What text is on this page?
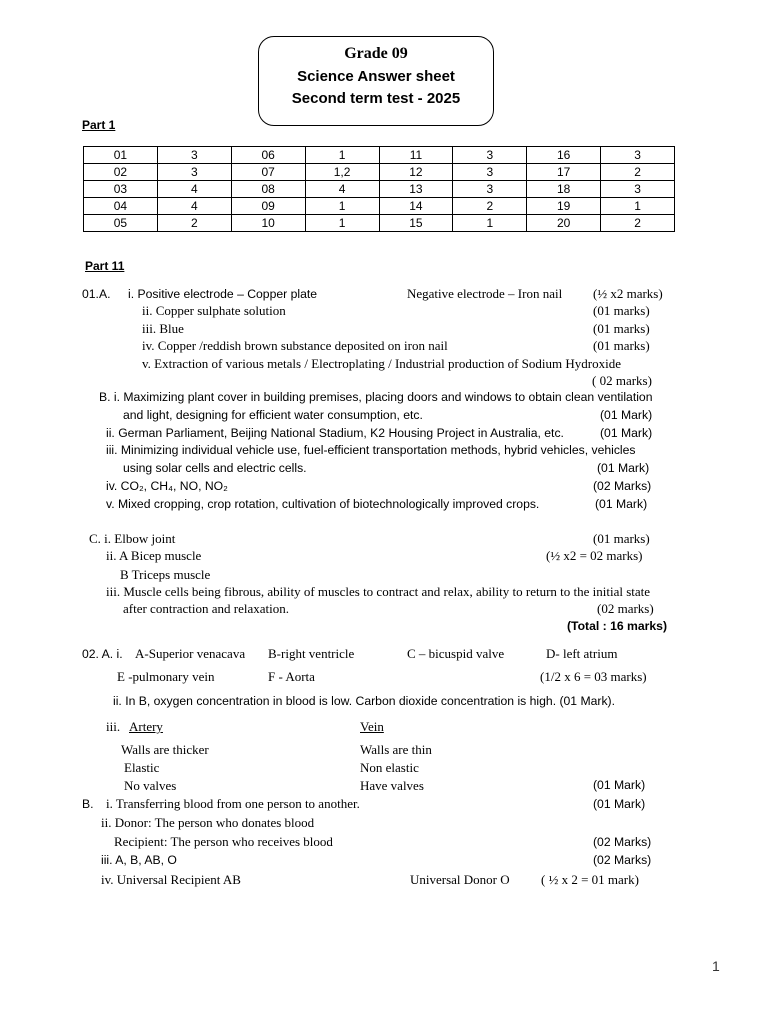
Grade 09
Science Answer sheet
Second term test - 2025
Part 1
01	3	06	1	11	3	16	3
02	3	07	1,2	12	3	17	2
03	4	08	4	13	3	18	3
04	4	09	1	14	2	19	1
05	2	10	1	15	1	20	2
Part 11
01.A. i. Positive electrode – Copper plate	Negative electrode – Iron nail (½ x2 marks)
ii. Copper sulphate solution	(01 marks)
iii. Blue	(01 marks)
iv. Copper /reddish brown substance deposited on iron nail	(01 marks)
v. Extraction of various metals / Electroplating / Industrial production of Sodium Hydroxide
( 02 marks)
B. i. Maximizing plant cover in building premises, placing doors and windows to obtain clean ventilation
and light, designing for efficient water consumption, etc.	(01 Mark)
ii. German Parliament, Beijing National Stadium, K2 Housing Project in Australia, etc.	(01 Mark)
iii. Minimizing individual vehicle use, fuel-efficient transportation methods, hybrid vehicles, vehicles
using solar cells and electric cells.	(01 Mark)
iv. CO₂, CH₄, NO, NO₂	(02 Marks)
v. Mixed cropping, crop rotation, cultivation of biotechnologically improved crops.	(01 Mark)
C. i. Elbow joint	(01 marks)
ii. A Bicep muscle	(½ x2 = 02 marks)
B Triceps muscle
iii. Muscle cells being fibrous, ability of muscles to contract and relax, ability to return to the initial state
after contraction and relaxation.	(02 marks)
(Total : 16 marks)
02. A. i. A-Superior venacava B-right ventricle	C – bicuspid valve	D- left atrium
E -pulmonary vein	F - Aorta	(1/2 x 6 = 03 marks)
ii. In B, oxygen concentration in blood is low. Carbon dioxide concentration is high. (01 Mark).
iii. Artery	Vein
Walls are thicker	Walls are thin
Elastic	Non elastic
No valves	Have valves	(01 Mark)
B. i. Transferring blood from one person to another.	(01 Mark)
ii. Donor: The person who donates blood
Recipient: The person who receives blood	(02 Marks)
iii. A, B, AB, O	(02 Marks)
iv. Universal Recipient AB	Universal Donor O ( ½ x 2 = 01 mark)
1
